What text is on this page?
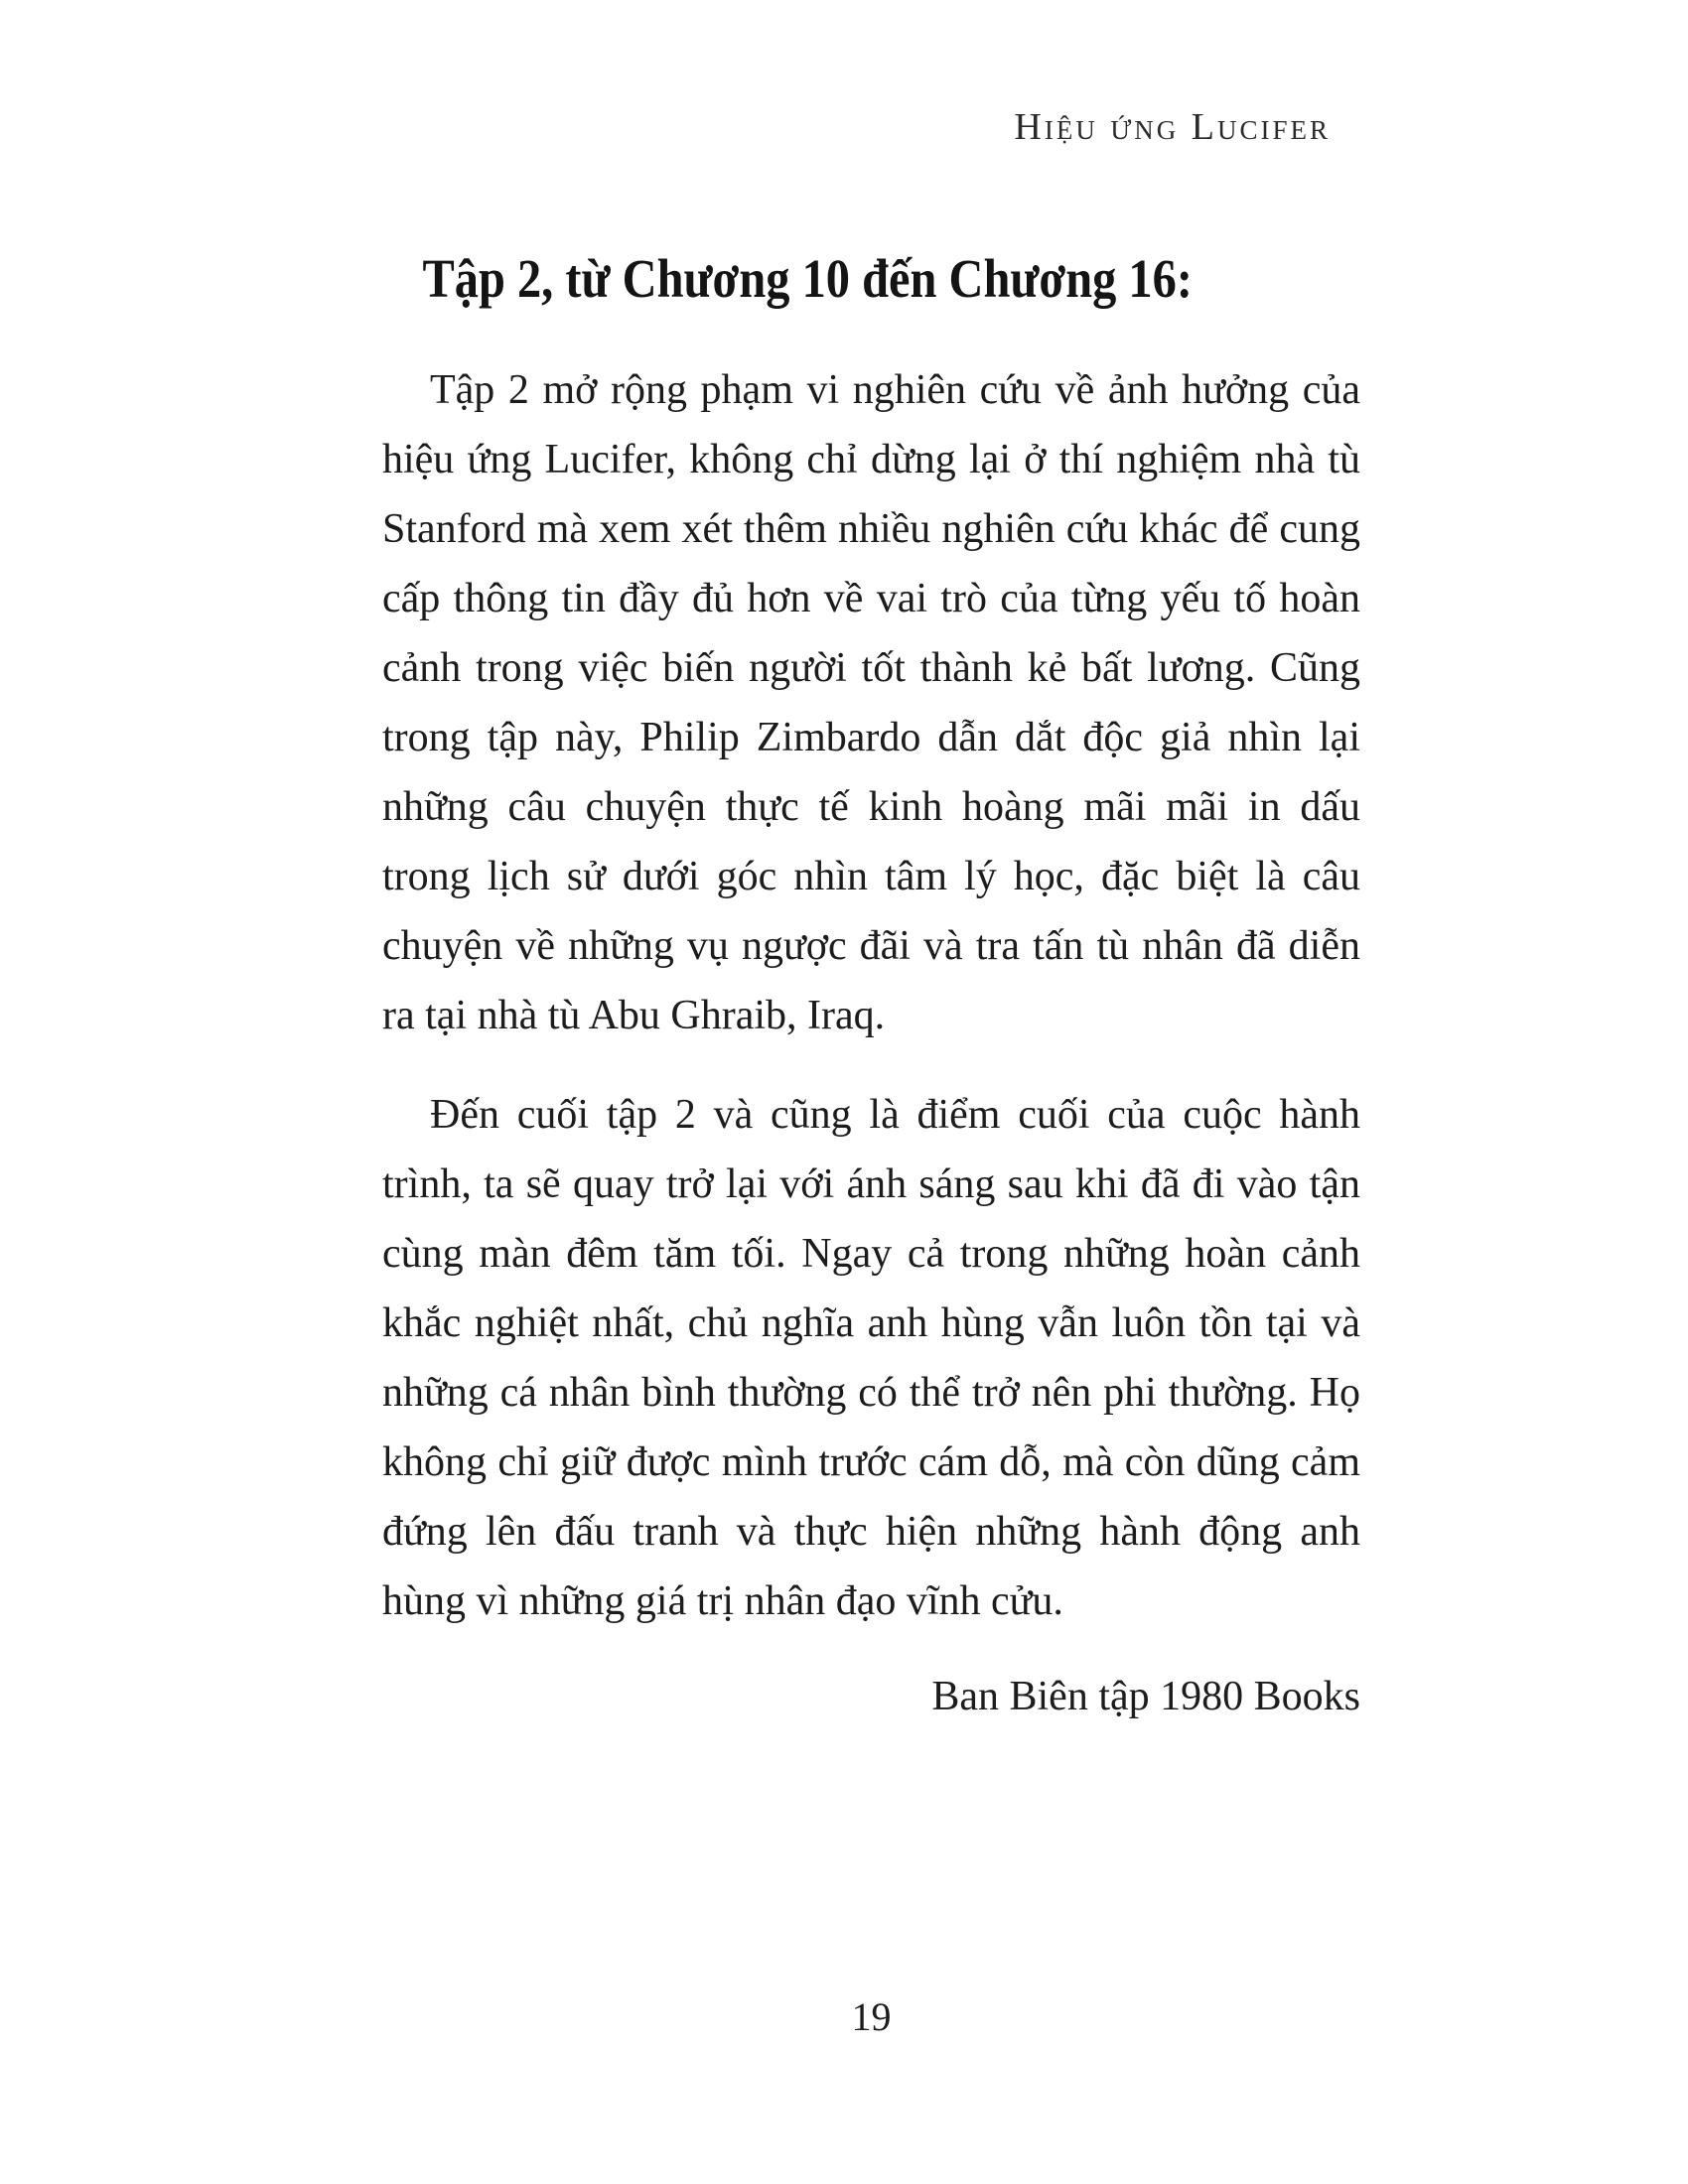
Hiệu ứng Lucifer
Tập 2, từ Chương 10 đến Chương 16:

Tập 2 mở rộng phạm vi nghiên cứu về ảnh hưởng của hiệu ứng Lucifer, không chỉ dừng lại ở thí nghiệm nhà tù Stanford mà xem xét thêm nhiều nghiên cứu khác để cung cấp thông tin đầy đủ hơn về vai trò của từng yếu tố hoàn cảnh trong việc biến người tốt thành kẻ bất lương. Cũng trong tập này, Philip Zimbardo dẫn dắt độc giả nhìn lại những câu chuyện thực tế kinh hoàng mãi mãi in dấu trong lịch sử dưới góc nhìn tâm lý học, đặc biệt là câu chuyện về những vụ ngược đãi và tra tấn tù nhân đã diễn ra tại nhà tù Abu Ghraib, Iraq.

Đến cuối tập 2 và cũng là điểm cuối của cuộc hành trình, ta sẽ quay trở lại với ánh sáng sau khi đã đi vào tận cùng màn đêm tăm tối. Ngay cả trong những hoàn cảnh khắc nghiệt nhất, chủ nghĩa anh hùng vẫn luôn tồn tại và những cá nhân bình thường có thể trở nên phi thường. Họ không chỉ giữ được mình trước cám dỗ, mà còn dũng cảm đứng lên đấu tranh và thực hiện những hành động anh hùng vì những giá trị nhân đạo vĩnh cửu.

Ban Biên tập 1980 Books
19
